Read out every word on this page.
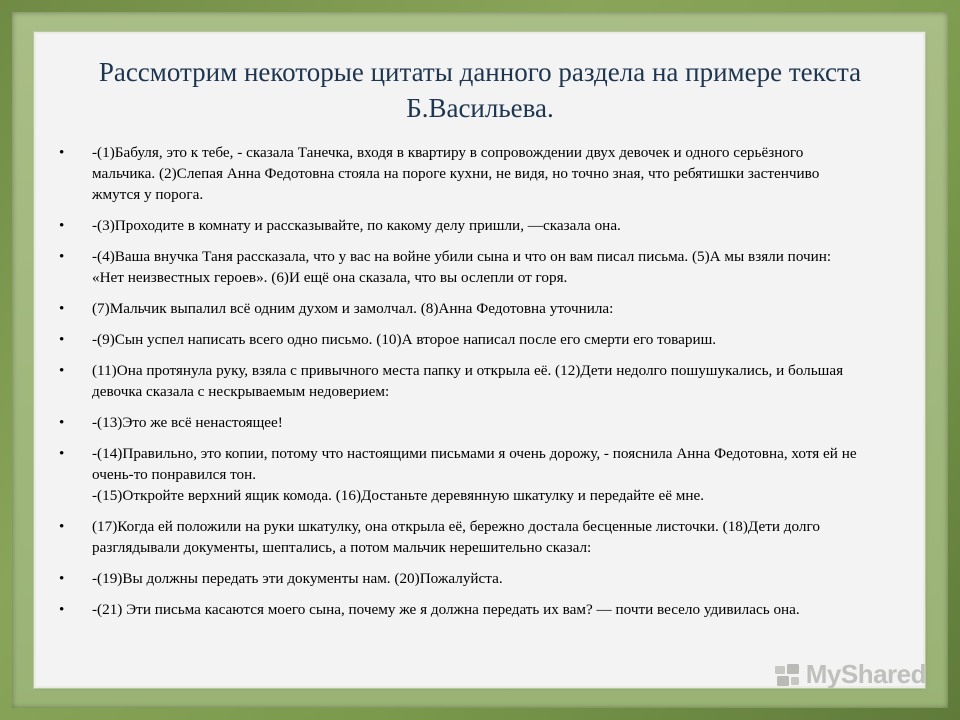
Рассмотрим некоторые цитаты данного раздела на примере текста Б.Васильева.
• -(1)Бабуля, это к тебе, - сказала Танечка, входя в квартиру в сопровождении двух девочек и одного серьёзного мальчика. (2)Слепая Анна Федотовна стояла на пороге кухни, не видя, но точно зная, что ребятишки застенчиво жмутся у порога.
• -(3)Проходите в комнату и рассказывайте, по какому делу пришли, —сказала она.
• -(4)Ваша внучка Таня рассказала, что у вас на войне убили сына и что он вам писал письма. (5)А мы взяли почин: «Нет неизвестных героев». (6)И ещё она сказала, что вы ослепли от горя.
• (7)Мальчик выпалил всё одним духом и замолчал. (8)Анна Федотовна уточнила:
• -(9)Сын успел написать всего одно письмо. (10)А второе написал после его смерти его товариш.
• (11)Она протянула руку, взяла с привычного места папку и открыла её. (12)Дети недолго пошушукались, и большая девочка сказала с нескрываемым недоверием:
• -(13)Это же всё ненастоящее!
• -(14)Правильно, это копии, потому что настоящими письмами я очень дорожу, - пояснила Анна Федотовна, хотя ей не очень-то понравился тон.
-(15)Откройте верхний ящик комода. (16)Достаньте деревянную шкатулку и передайте её мне.
• (17)Когда ей положили на руки шкатулку, она открыла её, бережно достала бесценные листочки. (18)Дети долго разглядывали документы, шептались, а потом мальчик нерешительно сказал:
• -(19)Вы должны передать эти документы нам. (20)Пожалуйста.
• -(21) Эти письма касаются моего сына, почему же я должна передать их вам? — почти весело удивилась она.
MyShared
